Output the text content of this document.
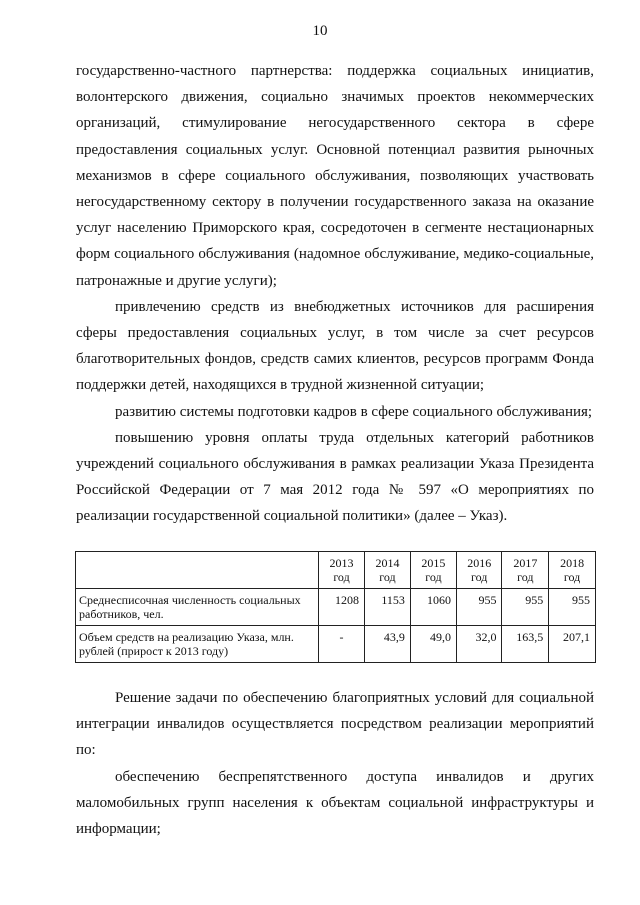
10

государственно-частного партнерства: поддержка социальных инициатив, волонтерского движения, социально значимых проектов некоммерческих организаций, стимулирование негосударственного сектора в сфере предоставления социальных услуг. Основной потенциал развития рыночных механизмов в сфере социального обслуживания, позволяющих участвовать негосударственному сектору в получении государственного заказа на оказание услуг населению Приморского края, сосредоточен в сегменте нестационарных форм социального обслуживания (надомное обслуживание, медико-социальные, патронажные и другие услуги);

привлечению средств из внебюджетных источников для расширения сферы предоставления социальных услуг, в том числе за счет ресурсов благотворительных фондов, средств самих клиентов, ресурсов программ Фонда поддержки детей, находящихся в трудной жизненной ситуации;

развитию системы подготовки кадров в сфере социального обслуживания;

повышению уровня оплаты труда отдельных категорий работников учреждений социального обслуживания в рамках реализации Указа Президента Российской Федерации от 7 мая 2012 года № 597 «О мероприятиях по реализации государственной социальной политики» (далее – Указ).

	2013 год	2014 год	2015 год	2016 год	2017 год	2018 год
Среднесписочная численность социальных работников, чел.	1208	1153	1060	955	955	955
Объем средств на реализацию Указа, млн. рублей (прирост к 2013 году)	-	43,9	49,0	32,0	163,5	207,1

Решение задачи по обеспечению благоприятных условий для социальной интеграции инвалидов осуществляется посредством реализации мероприятий по:

обеспечению беспрепятственного доступа инвалидов и других маломобильных групп населения к объектам социальной инфраструктуры и информации;
